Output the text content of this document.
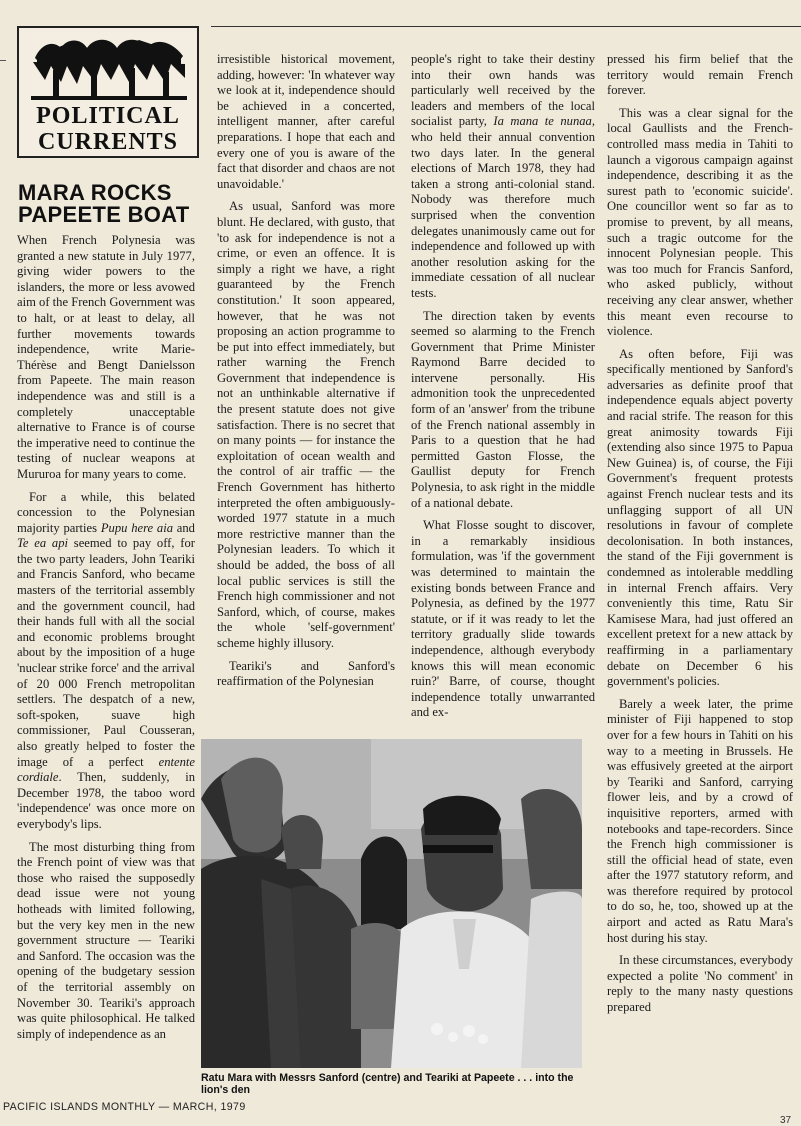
POLITICAL
CURRENTS
MARA ROCKS
PAPEETE BOAT

When French Polynesia was granted a new statute in July 1977, giving wider powers to the islanders, the more or less avowed aim of the French Government was to halt, or at least to delay, all further movements towards independence, write Marie-Thérèse and Bengt Danielsson from Papeete. The main reason independence was and still is a completely unacceptable alternative to France is of course the imperative need to continue the testing of nuclear weapons at Mururoa for many years to come.

For a while, this belated concession to the Polynesian majority parties Pupu here aia and Te ea api seemed to pay off, for the two party leaders, John Teariki and Francis Sanford, who became masters of the territorial assembly and the government council, had their hands full with all the social and economic problems brought about by the imposition of a huge 'nuclear strike force' and the arrival of 20 000 French metropolitan settlers. The despatch of a new, soft-spoken, suave high commissioner, Paul Cousseran, also greatly helped to foster the image of a perfect entente cordiale. Then, suddenly, in December 1978, the taboo word 'independence' was once more on everybody's lips.

The most disturbing thing from the French point of view was that those who raised the supposedly dead issue were not young hotheads with limited following, but the very key men in the new government structure — Teariki and Sanford. The occasion was the opening of the budgetary session of the territorial assembly on November 30. Teariki's approach was quite philosophical. He talked simply of independence as an

irresistible historical movement, adding, however: 'In whatever way we look at it, independence should be achieved in a concerted, intelligent manner, after careful preparations. I hope that each and every one of you is aware of the fact that disorder and chaos are not unavoidable.'

As usual, Sanford was more blunt. He declared, with gusto, that 'to ask for independence is not a crime, or even an offence. It is simply a right we have, a right guaranteed by the French constitution.' It soon appeared, however, that he was not proposing an action programme to be put into effect immediately, but rather warning the French Government that independence is not an unthinkable alternative if the present statute does not give satisfaction. There is no secret that on many points — for instance the exploitation of ocean wealth and the control of air traffic — the French Government has hitherto interpreted the often ambiguously-worded 1977 statute in a much more restrictive manner than the Polynesian leaders. To which it should be added, the boss of all local public services is still the French high commissioner and not Sanford, which, of course, makes the whole 'self-government' scheme highly illusory.

Teariki's and Sanford's reaffirmation of the Polynesian

people's right to take their destiny into their own hands was particularly well received by the leaders and members of the local socialist party, Ia mana te nunaa, who held their annual convention two days later. In the general elections of March 1978, they had taken a strong anti-colonial stand. Nobody was therefore much surprised when the convention delegates unanimously came out for independence and followed up with another resolution asking for the immediate cessation of all nuclear tests.

The direction taken by events seemed so alarming to the French Government that Prime Minister Raymond Barre decided to intervene personally. His admonition took the unprecedented form of an 'answer' from the tribune of the French national assembly in Paris to a question that he had permitted Gaston Flosse, the Gaullist deputy for French Polynesia, to ask right in the middle of a national debate.

What Flosse sought to discover, in a remarkably insidious formulation, was 'if the government was determined to maintain the existing bonds between France and Polynesia, as defined by the 1977 statute, or if it was ready to let the territory gradually slide towards independence, although everybody knows this will mean economic ruin?' Barre, of course, thought independence totally unwarranted and ex-

pressed his firm belief that the territory would remain French forever.

This was a clear signal for the local Gaullists and the French-controlled mass media in Tahiti to launch a vigorous campaign against independence, describing it as the surest path to 'economic suicide'. One councillor went so far as to promise to prevent, by all means, such a tragic outcome for the innocent Polynesian people. This was too much for Francis Sanford, who asked publicly, without receiving any clear answer, whether this meant even recourse to violence.

As often before, Fiji was specifically mentioned by Sanford's adversaries as definite proof that independence equals abject poverty and racial strife. The reason for this great animosity towards Fiji (extending also since 1975 to Papua New Guinea) is, of course, the Fiji Government's frequent protests against French nuclear tests and its unflagging support of all UN resolutions in favour of complete decolonisation. In both instances, the stand of the Fiji government is condemned as intolerable meddling in internal French affairs. Very conveniently this time, Ratu Sir Kamisese Mara, had just offered an excellent pretext for a new attack by reaffirming in a parliamentary debate on December 6 his government's policies.

Barely a week later, the prime minister of Fiji happened to stop over for a few hours in Tahiti on his way to a meeting in Brussels. He was effusively greeted at the airport by Teariki and Sanford, carrying flower leis, and by a crowd of inquisitive reporters, armed with notebooks and tape-recorders. Since the French high commissioner is still the official head of state, even after the 1977 statutory reform, and was therefore required by protocol to do so, he, too, showed up at the airport and acted as Ratu Mara's host during his stay.

In these circumstances, everybody expected a polite 'No comment' in reply to the many nasty questions prepared

Ratu Mara with Messrs Sanford (centre) and Teariki at Papeete . . . into the lion's den
PACIFIC ISLANDS MONTHLY — MARCH, 1979
37
